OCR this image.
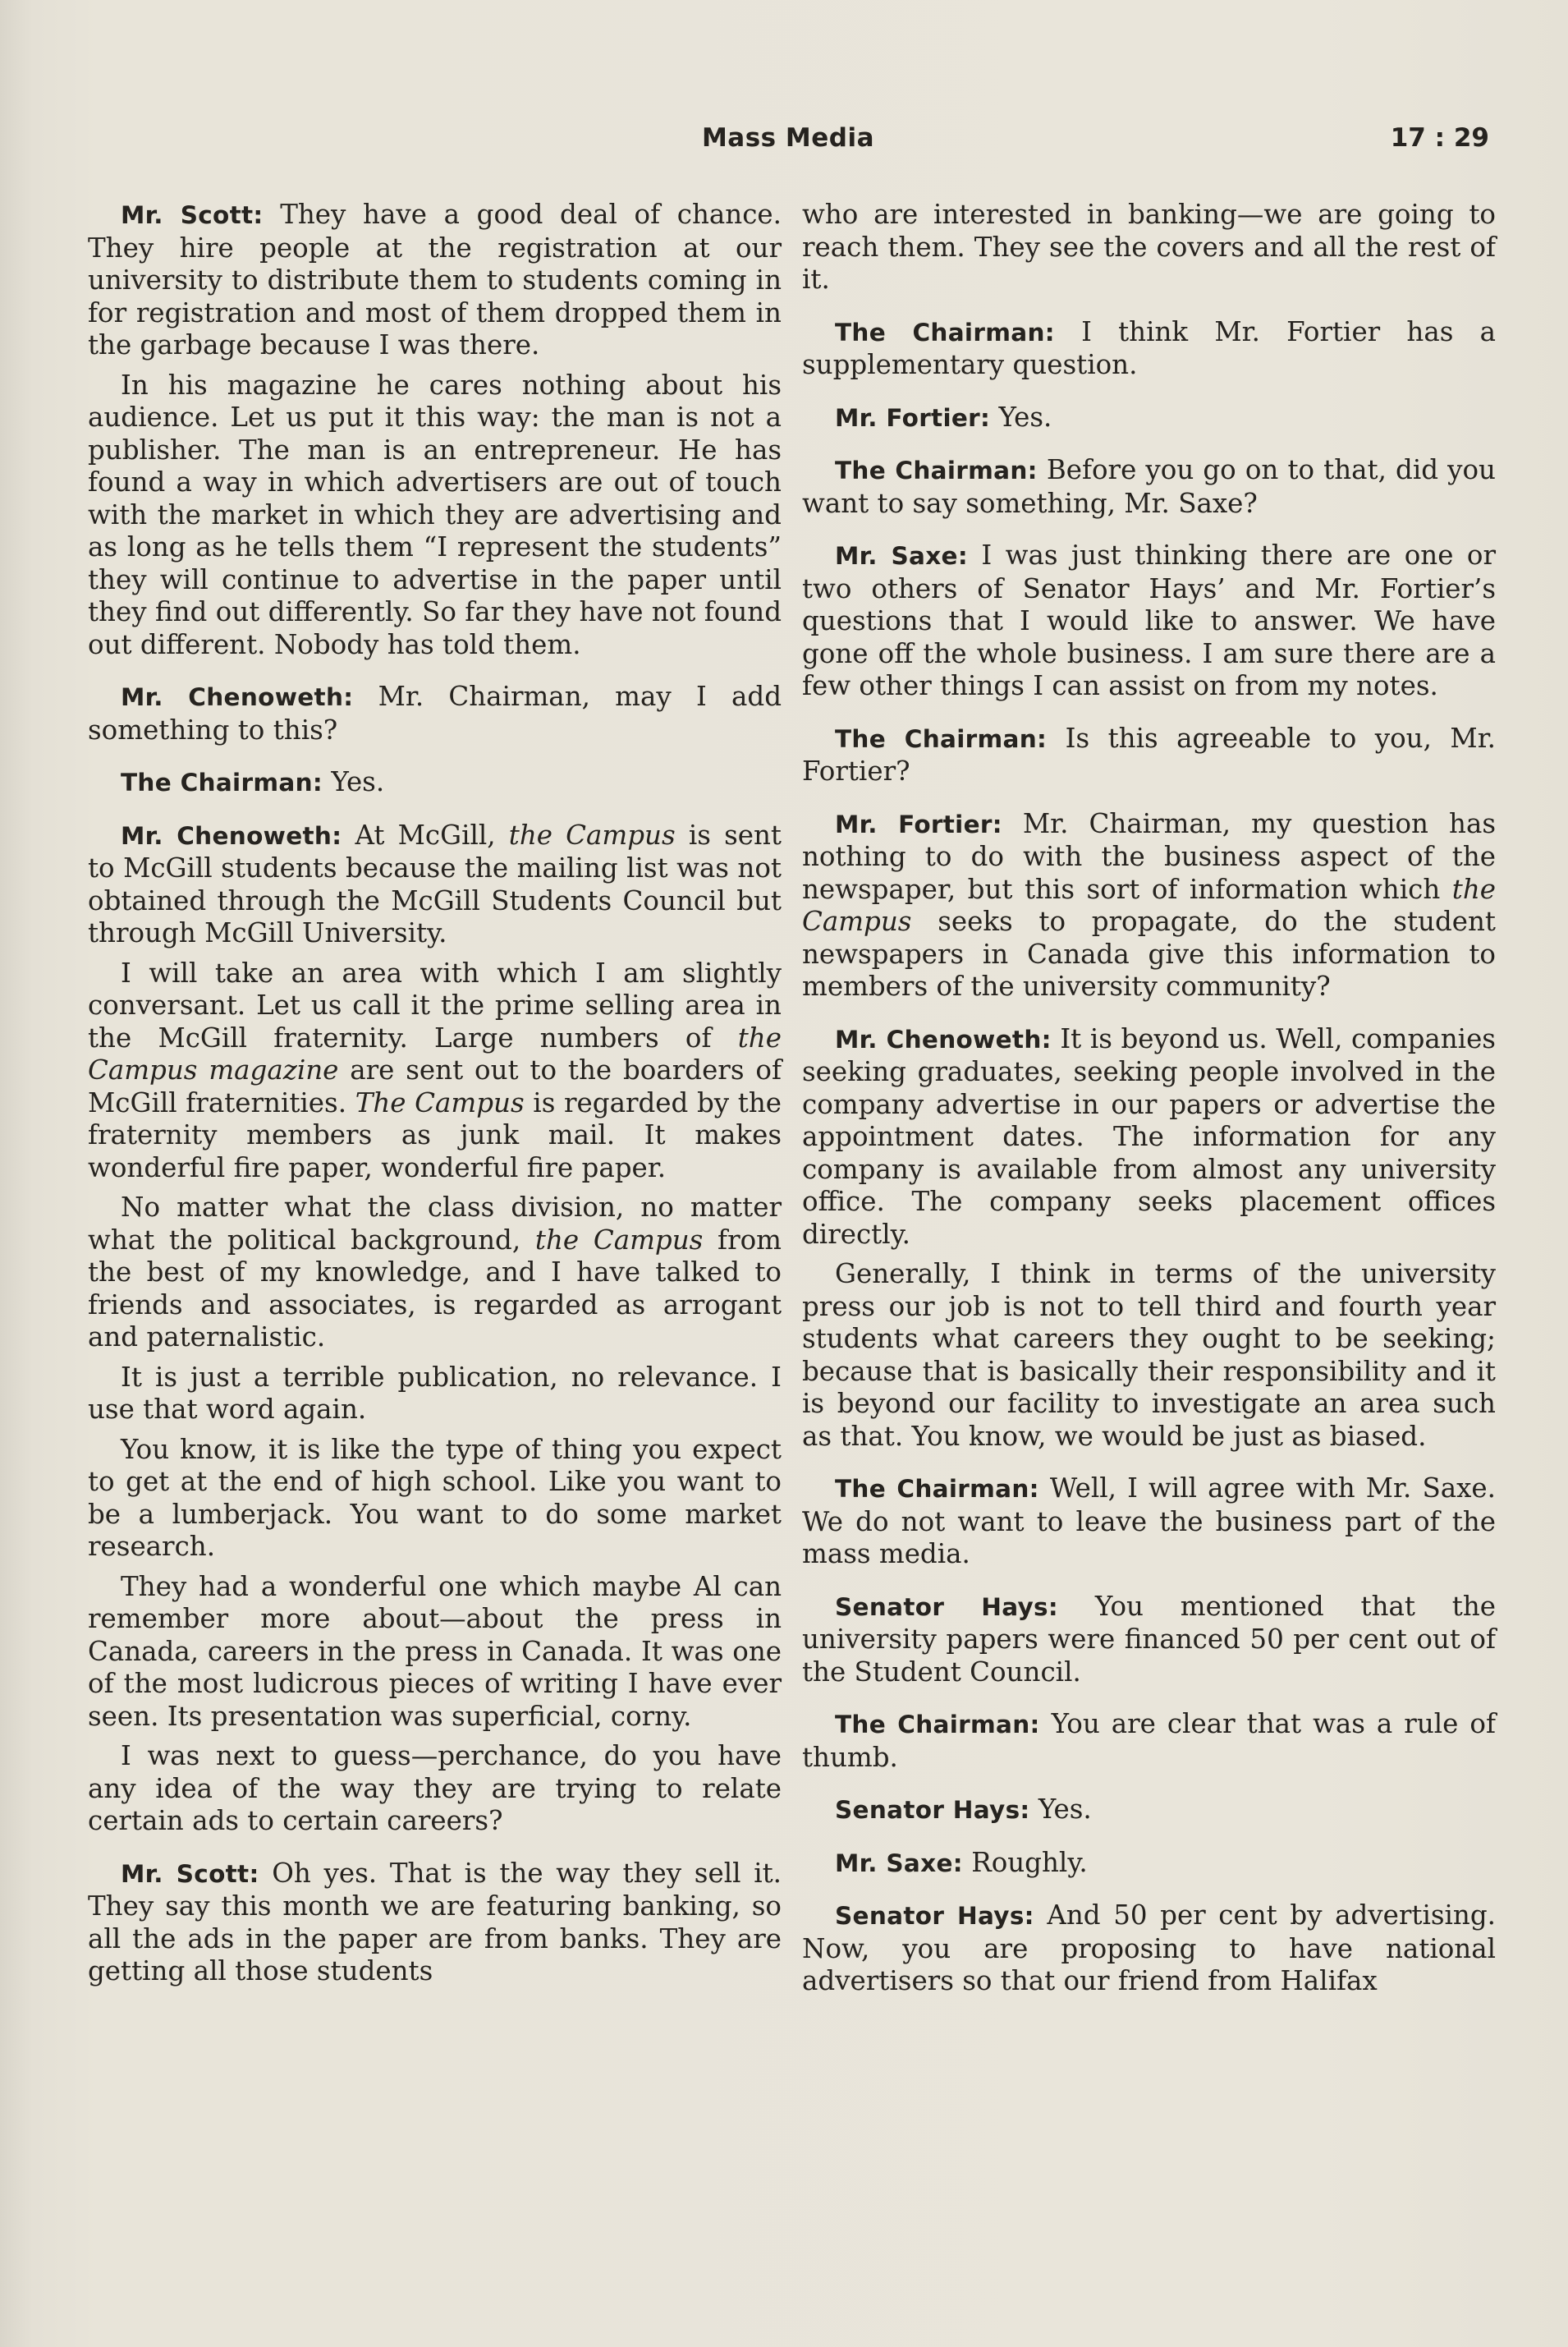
Mass Media	17 : 29

Mr. Scott: They have a good deal of chance. They hire people at the registration at our university to distribute them to students coming in for registration and most of them dropped them in the garbage because I was there.

In his magazine he cares nothing about his audience. Let us put it this way: the man is not a publisher. The man is an entrepreneur. He has found a way in which advertisers are out of touch with the market in which they are advertising and as long as he tells them “I represent the students” they will continue to advertise in the paper until they find out differently. So far they have not found out different. Nobody has told them.

Mr. Chenoweth: Mr. Chairman, may I add something to this?

The Chairman: Yes.

Mr. Chenoweth: At McGill, the Campus is sent to McGill students because the mailing list was not obtained through the McGill Students Council but through McGill University.

I will take an area with which I am slightly conversant. Let us call it the prime selling area in the McGill fraternity. Large numbers of the Campus magazine are sent out to the boarders of McGill fraternities. The Campus is regarded by the fraternity members as junk mail. It makes wonderful fire paper, wonderful fire paper.

No matter what the class division, no matter what the political background, the Campus from the best of my knowledge, and I have talked to friends and associates, is regarded as arrogant and paternalistic.

It is just a terrible publication, no relevance. I use that word again.

You know, it is like the type of thing you expect to get at the end of high school. Like you want to be a lumberjack. You want to do some market research.

They had a wonderful one which maybe Al can remember more about—about the press in Canada, careers in the press in Canada. It was one of the most ludicrous pieces of writing I have ever seen. Its presentation was superficial, corny.

I was next to guess—perchance, do you have any idea of the way they are trying to relate certain ads to certain careers?

Mr. Scott: Oh yes. That is the way they sell it. They say this month we are featuring banking, so all the ads in the paper are from banks. They are getting all those students

who are interested in banking—we are going to reach them. They see the covers and all the rest of it.

The Chairman: I think Mr. Fortier has a supplementary question.

Mr. Fortier: Yes.

The Chairman: Before you go on to that, did you want to say something, Mr. Saxe?

Mr. Saxe: I was just thinking there are one or two others of Senator Hays’ and Mr. Fortier’s questions that I would like to answer. We have gone off the whole business. I am sure there are a few other things I can assist on from my notes.

The Chairman: Is this agreeable to you, Mr. Fortier?

Mr. Fortier: Mr. Chairman, my question has nothing to do with the business aspect of the newspaper, but this sort of information which the Campus seeks to propagate, do the student newspapers in Canada give this information to members of the university community?

Mr. Chenoweth: It is beyond us. Well, companies seeking graduates, seeking people involved in the company advertise in our papers or advertise the appointment dates. The information for any company is available from almost any university office. The company seeks placement offices directly.

Generally, I think in terms of the university press our job is not to tell third and fourth year students what careers they ought to be seeking; because that is basically their responsibility and it is beyond our facility to investigate an area such as that. You know, we would be just as biased.

The Chairman: Well, I will agree with Mr. Saxe. We do not want to leave the business part of the mass media.

Senator Hays: You mentioned that the university papers were financed 50 per cent out of the Student Council.

The Chairman: You are clear that was a rule of thumb.

Senator Hays: Yes.

Mr. Saxe: Roughly.

Senator Hays: And 50 per cent by advertising. Now, you are proposing to have national advertisers so that our friend from Halifax
